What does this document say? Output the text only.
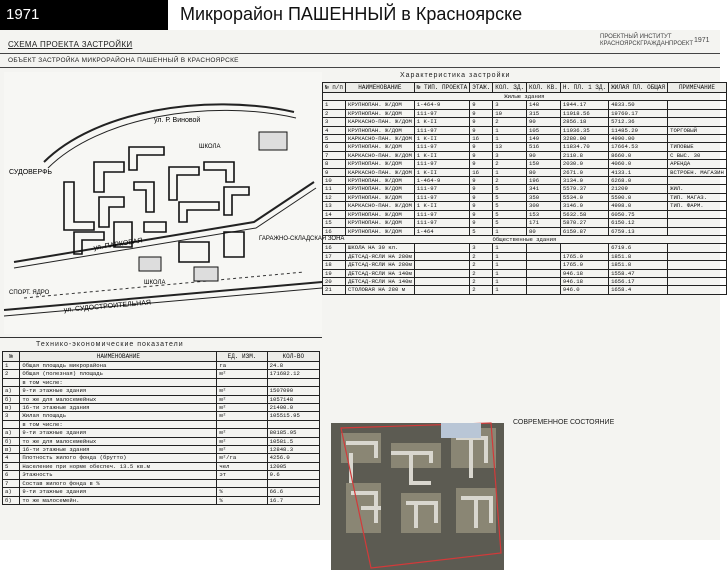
1971	Микрорайон ПАШЕННЫЙ в Красноярске
СХЕМА ПРОЕКТА ЗАСТРОЙКИ
ПРОЕКТНЫЙ ИНСТИТУТ
КРАСНОЯРСКГРАЖДАНПРОЕКТ 1971
ОБЪЕКТ ЗАСТРОЙКА МИКРОРАЙОНА ПАШЕННЫЙ В КРАСНОЯРСКЕ
ул. Р. Виновой
СУДОВЕРФЬ
ул. ПАРКОВАЯ	ГАРАЖНО-СКЛАДСКАЯ ЗОНА
ул. СУДОСТРОИТЕЛЬНАЯ
СПОРТ. ЯДРО
ШКОЛА
ШКОЛА
Характеристика застройки
№ п/п	НАИМЕНОВАНИЕ	№ ТИП. ПРОЕКТА	ЭТАЖ.	КОЛ. ЗД.	КОЛ. КВ.	Н. ПЛ. 1 ЗД.	ЖИЛАЯ ПЛ. ОБЩАЯ	ПРИМЕЧАНИЕ
Жилые здания								
1	КРУПНОПАН. Ж/ДОМ	1-464-9	9	3	148	1944.17	4833.50	
2	КРУПНОПАН. Ж/ДОМ	111-97	9	10	315	11918.56	19760.17	
3	КАРКАСНО-ПАН. Ж/ДОМ	1 К-II	9	2	90	2856.18	5712.36	
4	КРУПНОПАН. Ж/ДОМ	111-97	9	1	105	11936.35	11485.29	ТОРГОВЫЙ
5	КАРКАСНО-ПАН. Ж/ДОМ	1 К-II	16	1	149	3280.00	4990.00	
6	КРУПНОПАН. Ж/ДОМ	111-97	9	13	516	11834.70	17664.53	ТИПОВЫЕ
7	КАРКАСНО-ПАН. Ж/ДОМ	1 К-II	9	3	90	2110.8	8660.0	С ВЫС. 30
8	КРУПНОПАН. Ж/ДОМ	111-97	9	2	150	2030.0	4060.0	АРЕНДА
9	КАРКАСНО-ПАН. Ж/ДОМ	1 К-II	16	1	80	2671.0	4133.1	ВСТРОЕН. МАГАЗИН
10	КРУПНОПАН. Ж/ДОМ	1-464-9	9	2	196	3134.0	6268.0	
11	КРУПНОПАН. Ж/ДОМ	111-97	9	5	341	5579.37	21209	ЖИЛ.
12	КРУПНОПАН. Ж/ДОМ	111-97	9	5	350	5534.0	5590.0	ТИП. МАГАЗ.
13	КАРКАСНО-ПАН. Ж/ДОМ	1 К-II	9	5	300	3146.0	4998.0	ТИП. ФАРМ.
14	КРУПНОПАН. Ж/ДОМ	111-97	9	5	153	5632.58	6050.75	
15	КРУПНОПАН. Ж/ДОМ	111-97	9	5	171	5870.27	6150.12	
16	КРУПНОПАН. Ж/ДОМ	1-464	5	1	80	6159.87	6759.13	
Общественные здания								
16	ШКОЛА НА 30 кл.		3	1			6719.6	
17	ДЕТСАД-ЯСЛИ НА 280м		2	1		1765.0	1851.8	
18	ДЕТСАД-ЯСЛИ НА 280м		2	1		1765.0	1851.8	
19	ДЕТСАД-ЯСЛИ НА 140м		2	1		946.18	1558.47	
20	ДЕТСАД-ЯСЛИ НА 140м		2	1		946.18	1656.17	
21	СТОЛОВАЯ НА 280 м		2	1		946.0	1658.4	
Технико-экономические показатели
№	НАИМЕНОВАНИЕ	ЕД. ИЗМ.	КОЛ-ВО
1	Общая площадь микрорайона	га	24.8
2	Общая (полезная) площадь	м²	171682.12
	в том числе:		
а)	9-ти этажные здания	м²	1507090
б)	то же для малосемейных	м²	1057148
в)	16-ти этажные здания	м²	21400.0
3	Жилая площадь	м²	105515.95
	в том числе:		
а)	9-ти этажные здания	м²	80185.95
б)	то же для малосемейных	м²	10581.5
в)	16-ти этажные здания	м²	12848.3
4	Плотность жилого фонда (брутто)	м²/га	4256.0
5	Население при норме обеспеч. 13.5 кв.м	чел	12005
6	Этажность	эт	9.6
7	Состав жилого фонда в %		
а)	9-ти этажные здания	%	66.6
б)	то же малосемейн.	%	16.7
СОВРЕМЕННОЕ СОСТОЯНИЕ
